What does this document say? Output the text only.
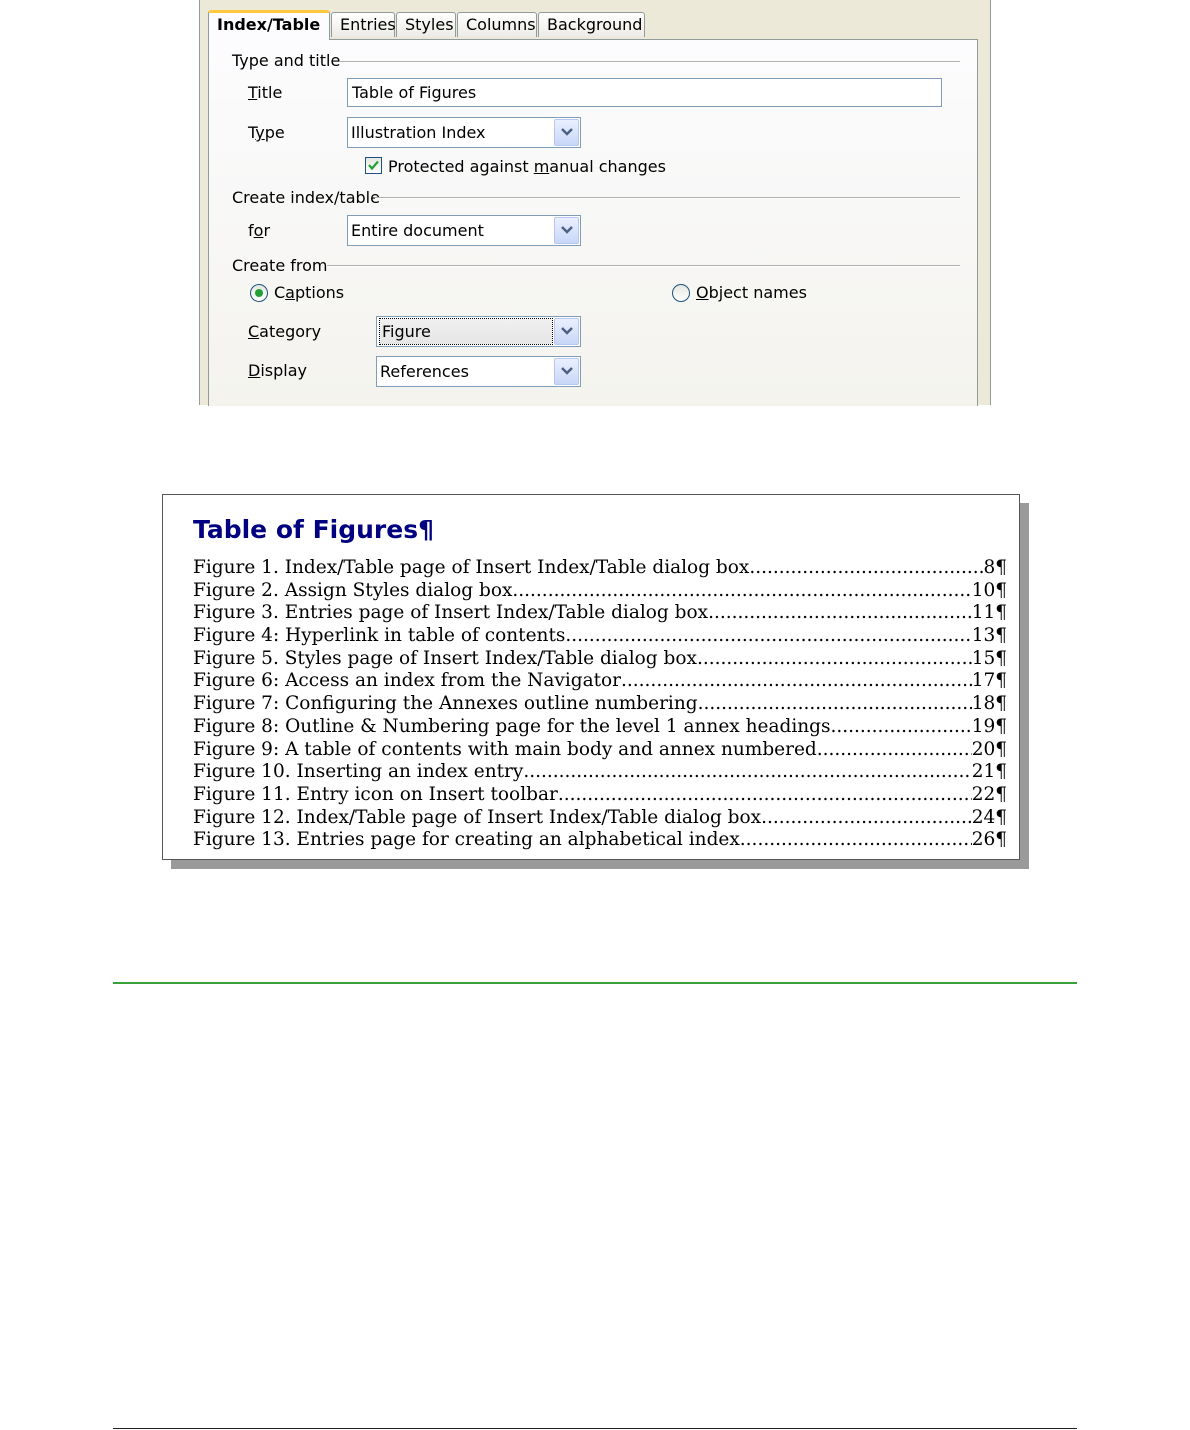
Index/Table	Entries Styles Columns Background
Type and title
Title	Table of Figures
Type	Illustration Index
Protected against manual changes
Create index/table
for	Entire document
Create from
Captions	Object names
Category	Figure
Display	References
Table of Figures¶
Figure 1. Index/Table page of Insert Index/Table dialog box .....	8¶
Figure 2. Assign Styles dialog box .....	10¶
Figure 3. Entries page of Insert Index/Table dialog box .....	11¶
Figure 4: Hyperlink in table of contents .....	13¶
Figure 5. Styles page of Insert Index/Table dialog box .....	15¶
Figure 6: Access an index from the Navigator .....	17¶
Figure 7: Configuring the Annexes outline numbering .....	18¶
Figure 8: Outline & Numbering page for the level 1 annex headings .....	19¶
Figure 9: A table of contents with main body and annex numbered .....	20¶
Figure 10. Inserting an index entry .....	21¶
Figure 11. Entry icon on Insert toolbar .....	22¶
Figure 12. Index/Table page of Insert Index/Table dialog box .....	24¶
Figure 13. Entries page for creating an alphabetical index .....	26¶
